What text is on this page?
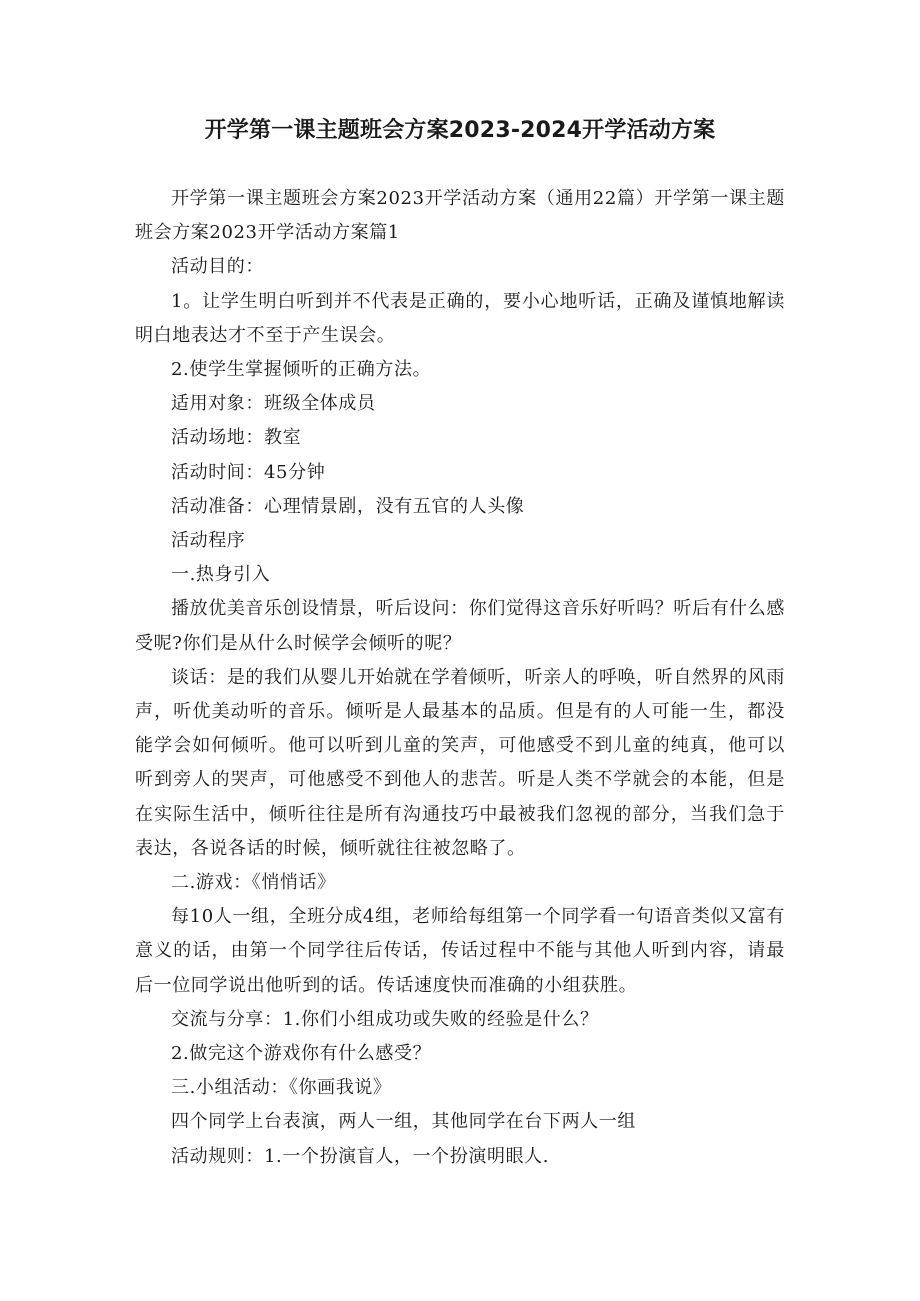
开学第一课主题班会方案2023-2024开学活动方案

开学第一课主题班会方案2023开学活动方案（通用22篇）开学第一课主题班会方案2023开学活动方案篇1

活动目的：

1。让学生明白听到并不代表是正确的，要小心地听话，正确及谨慎地解读明白地表达才不至于产生误会。

2.使学生掌握倾听的正确方法。

适用对象：班级全体成员

活动场地：教室

活动时间：45分钟

活动准备：心理情景剧，没有五官的人头像

活动程序

一.热身引入

播放优美音乐创设情景，听后设问：你们觉得这音乐好听吗？听后有什么感受呢?你们是从什么时候学会倾听的呢？

谈话：是的我们从婴儿开始就在学着倾听，听亲人的呼唤，听自然界的风雨声，听优美动听的音乐。倾听是人最基本的品质。但是有的人可能一生，都没能学会如何倾听。他可以听到儿童的笑声，可他感受不到儿童的纯真，他可以听到旁人的哭声，可他感受不到他人的悲苦。听是人类不学就会的本能，但是在实际生活中，倾听往往是所有沟通技巧中最被我们忽视的部分，当我们急于表达，各说各话的时候，倾听就往往被忽略了。

二.游戏：《悄悄话》

每10人一组，全班分成4组，老师给每组第一个同学看一句语音类似又富有意义的话，由第一个同学往后传话，传话过程中不能与其他人听到内容，请最后一位同学说出他听到的话。传话速度快而准确的小组获胜。

交流与分享：1.你们小组成功或失败的经验是什么？

2.做完这个游戏你有什么感受？

三.小组活动：《你画我说》

四个同学上台表演，两人一组，其他同学在台下两人一组

活动规则：1.一个扮演盲人，一个扮演明眼人.
